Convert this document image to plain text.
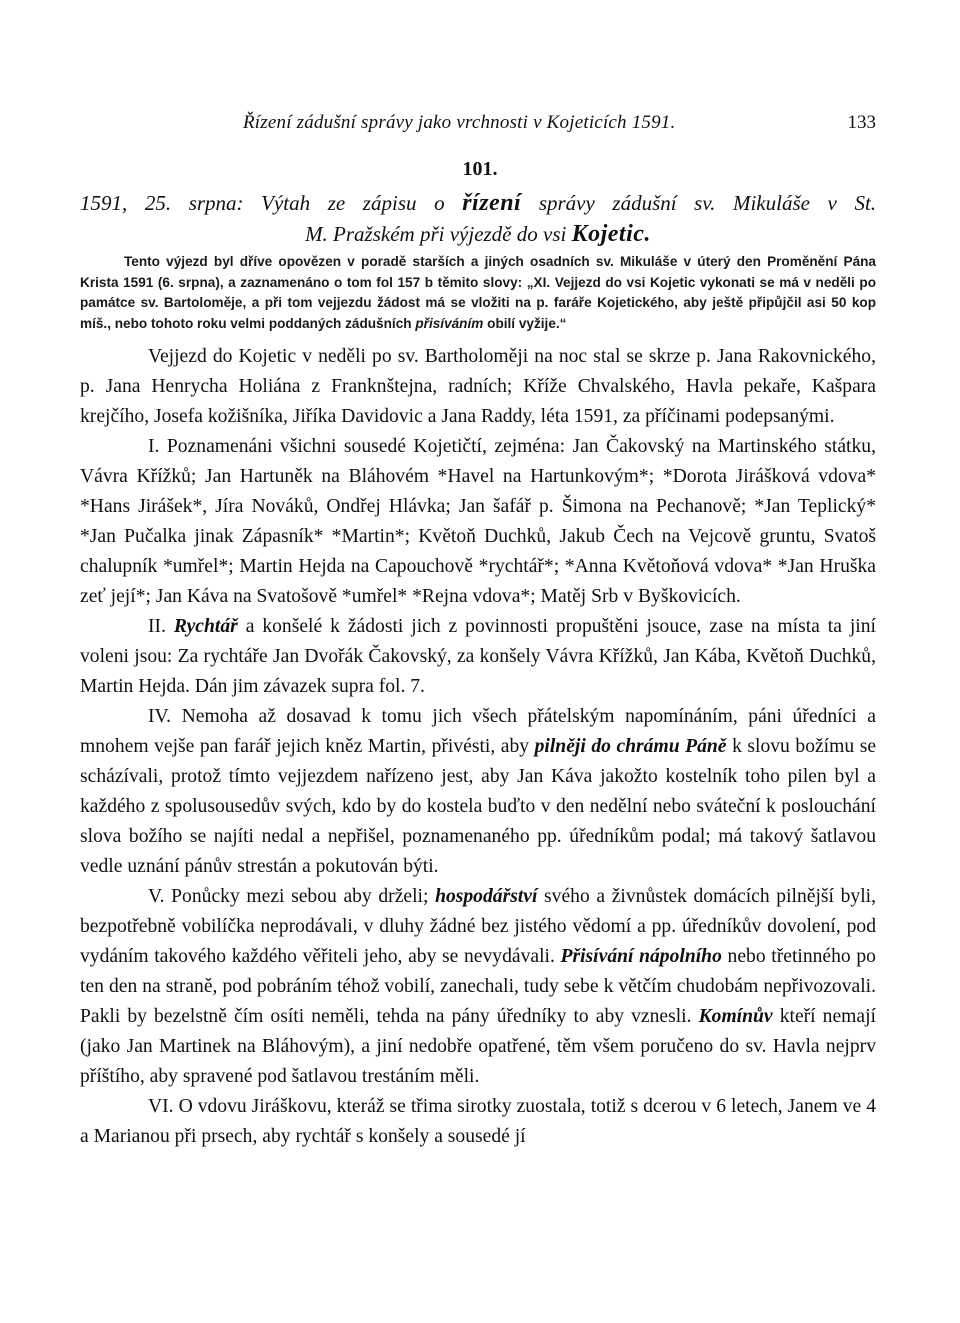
Řízení zádušní správy jako vrchnosti v Kojeticích 1591.	133
101.
1591, 25. srpna: Výtah ze zápisu o řízení správy zádušní sv. Mikuláše v St.
M. Pražském při výjezdě do vsi Kojetic.
Tento výjezd byl dříve opovězen v poradě starších a jiných osadních sv. Mikuláše v úterý den Proměnění Pána Krista 1591 (6. srpna), a zaznamenáno o tom fol 157 b těmito slovy: „XI. Vejjezd do vsi Kojetic vykonati se má v neděli po památce sv. Bartoloměje, a při tom vejjezdu žádost má se vložiti na p. faráře Kojetického, aby ještě připůjčil asi 50 kop míš., nebo tohoto roku velmi poddaných zádušních přisíváním obilí vyžije.“

Vejjezd do Kojetic v neděli po sv. Bartholoměji na noc stal se skrze p. Jana Rakovnického, p. Jana Henrycha Holiána z Franknštejna, radních; Kříže Chvalského, Havla pekaře, Kašpara krejčího, Josefa kožišníka, Jiříka Davidovic a Jana Raddy, léta 1591, za příčinami podepsanými.

I. Poznamenáni všichni sousedé Kojetičtí, zejména: Jan Čakovský na Martinského státku, Vávra Křížků; Jan Hartuněk na Bláhovém *Havel na Hartunkovým*; *Dorota Jirášková vdova* *Hans Jirášek*, Jíra Nováků, Ondřej Hlávka; Jan šafář p. Šimona na Pechanově; *Jan Teplický* *Jan Pučalka jinak Zápasník* *Martin*; Květoň Duchků, Jakub Čech na Vejcově gruntu, Svatoš chalupník *umřel*; Martin Hejda na Capouchově *rychtář*; *Anna Květoňová vdova* *Jan Hruška zeť její*; Jan Káva na Svatošově *umřel* *Rejna vdova*; Matěj Srb v Byškovicích.

II. Rychtář a konšelé k žádosti jich z povinnosti propuštěni jsouce, zase na místa ta jiní voleni jsou: Za rychtáře Jan Dvořák Čakovský, za konšely Vávra Křížků, Jan Kába, Květoň Duchků, Martin Hejda. Dán jim závazek supra fol. 7.

IV. Nemoha až dosavad k tomu jich všech přátelským napomínáním, páni úředníci a mnohem vejše pan farář jejich kněz Martin, přivésti, aby pilněji do chrámu Páně k slovu božímu se scházívali, protož tímto vejjezdem nařízeno jest, aby Jan Káva jakožto kostelník toho pilen byl a každého z spolusousedův svých, kdo by do kostela buďto v den nedělní nebo sváteční k poslouchání slova božího se najíti nedal a nepřišel, poznamenaného pp. úředníkům podal; má takový šatlavou vedle uznání pánův strestán a pokutován býti.

V. Ponůcky mezi sebou aby drželi; hospodářství svého a živnůstek domácích pilnější byli, bezpotřebně vobilíčka neprodávali, v dluhy žádné bez jistého vědomí a pp. úředníkův dovolení, pod vydáním takového každého věřiteli jeho, aby se nevydávali. Přisívání nápolního nebo třetinného po ten den na straně, pod pobráním téhož vobilí, zanechali, tudy sebe k větčím chudobám nepřivozovali. Pakli by bezelstně čím osíti neměli, tehda na pány úředníky to aby vznesli. Komínův kteří nemají (jako Jan Martinek na Bláhovým), a jiní nedobře opatřené, těm všem poručeno do sv. Havla nejprv příštího, aby spravené pod šatlavou trestáním měli.

VI. O vdovu Jiráškovu, kteráž se třima sirotky zuostala, totiž s dcerou v 6 letech, Janem ve 4 a Marianou při prsech, aby rychtář s konšely a sousedé jí
